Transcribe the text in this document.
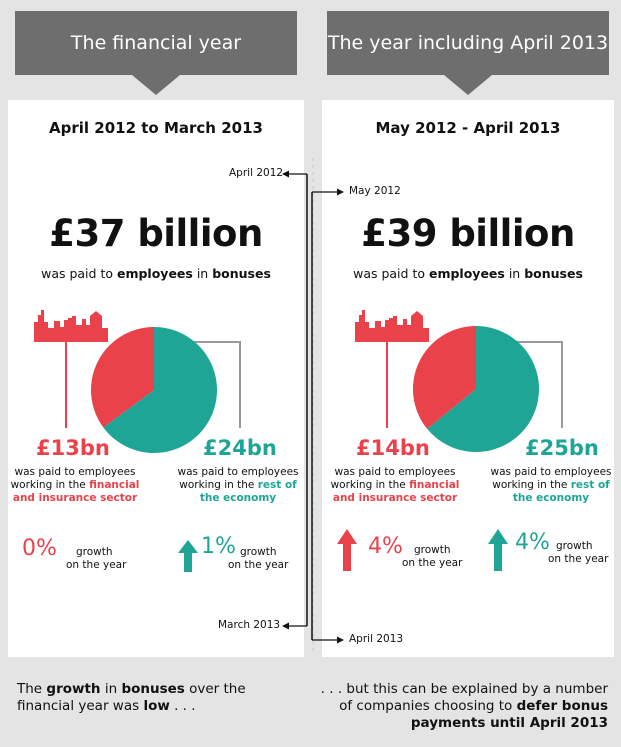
The financial year	The year including April 2013
April 2012 to March 2013	May 2012 - April 2013
April 2012
May 2012
March 2013
April 2013
£37 billion	£39 billion
was paid to employees in bonuses	was paid to employees in bonuses
£13bn
was paid to employees
working in the financial
and insurance sector
£24bn
was paid to employees
working in the rest of
the economy
£14bn
was paid to employees
working in the financial
and insurance sector
£25bn
was paid to employees
working in the rest of
the economy
0%	growth
on the year
1% growth
on the year
4%	growth
on the year
4% growth
on the year
The growth in bonuses over the
financial year was low . . .
. . . but this can be explained by a number
of companies choosing to defer bonus
payments until April 2013
